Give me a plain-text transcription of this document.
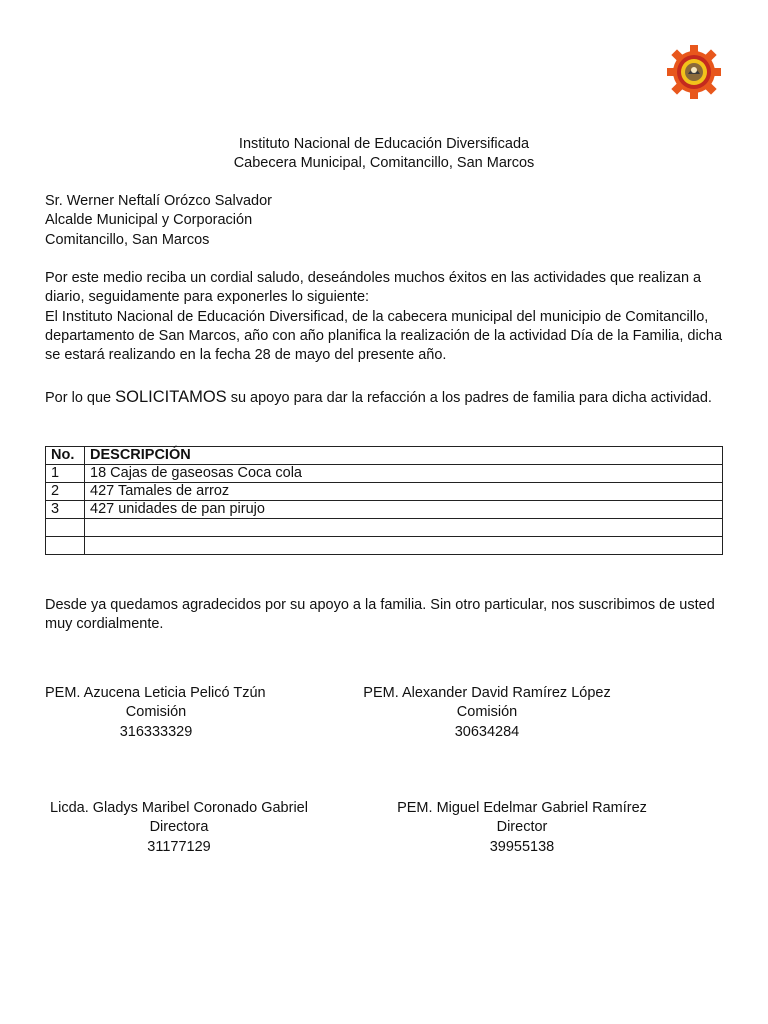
Instituto Nacional de Educación Diversificada
Cabecera Municipal, Comitancillo, San Marcos
Sr. Werner Neftalí Orózco Salvador
Alcalde Municipal y Corporación
Comitancillo, San Marcos
Por este medio reciba un cordial saludo, deseándoles muchos éxitos en las actividades que realizan a diario, seguidamente para exponerles lo siguiente:
El Instituto Nacional de Educación Diversificad, de la cabecera municipal del municipio de Comitancillo, departamento de San Marcos, año con año planifica la realización de la actividad Día de la Familia, dicha se estará realizando en la fecha 28 de mayo del presente año.
Por lo que SOLICITAMOS su apoyo para dar la refacción a los padres de familia para dicha actividad.
No.	DESCRIPCIÓN
1	18 Cajas de gaseosas Coca cola
2	427 Tamales de arroz
3	427 unidades de pan pirujo

Desde ya quedamos agradecidos por su apoyo a la familia. Sin otro particular, nos suscribimos de usted muy cordialmente.
PEM. Azucena Leticia Pelicó Tzún
Comisión
316333329
PEM. Alexander David Ramírez López
Comisión
30634284
Licda. Gladys Maribel Coronado Gabriel
Directora
31177129
PEM. Miguel Edelmar Gabriel Ramírez
Director
39955138
